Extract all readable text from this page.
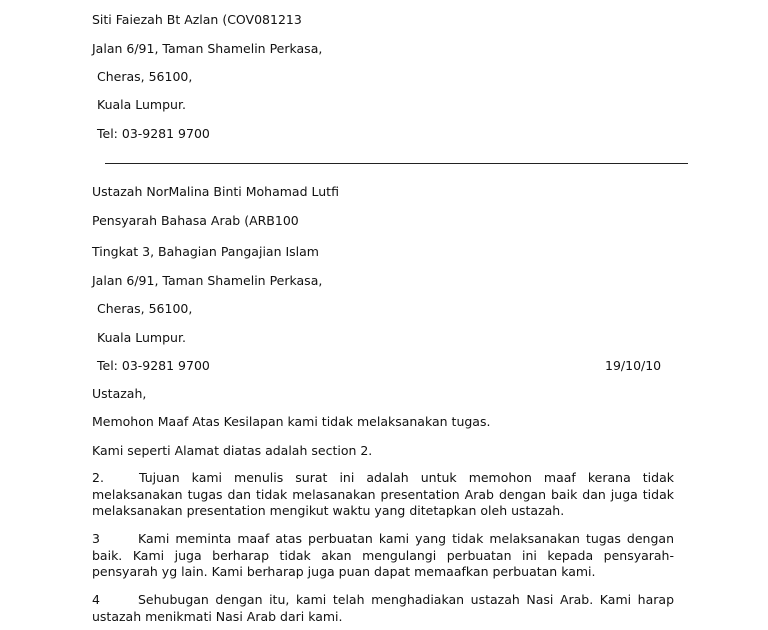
Siti Faiezah Bt Azlan (COV081213
Jalan 6/91, Taman Shamelin Perkasa,
Cheras, 56100,
Kuala Lumpur.
Tel: 03-9281 9700
Ustazah NorMalina Binti Mohamad Lutfi
Pensyarah Bahasa Arab (ARB100
Tingkat 3, Bahagian Pangajian Islam
Jalan 6/91, Taman Shamelin Perkasa,
Cheras, 56100,
Kuala Lumpur.
Tel: 03-9281 9700	19/10/10
Ustazah,
Memohon Maaf Atas Kesilapan kami tidak melaksanakan tugas.
Kami seperti Alamat diatas adalah section 2.
2.	Tujuan kami menulis surat ini adalah untuk memohon maaf kerana tidak melaksanakan tugas dan tidak melasanakan presentation Arab dengan baik dan juga tidak melaksanakan presentation mengikut waktu yang ditetapkan oleh ustazah.
3	Kami meminta maaf atas perbuatan kami yang tidak melaksanakan tugas dengan baik. Kami juga berharap tidak akan mengulangi perbuatan ini kepada pensyarah-pensyarah yg lain. Kami berharap juga puan dapat memaafkan perbuatan kami.
4	Sehubugan dengan itu, kami telah menghadiakan ustazah Nasi Arab. Kami harap ustazah menikmati Nasi Arab dari kami.
